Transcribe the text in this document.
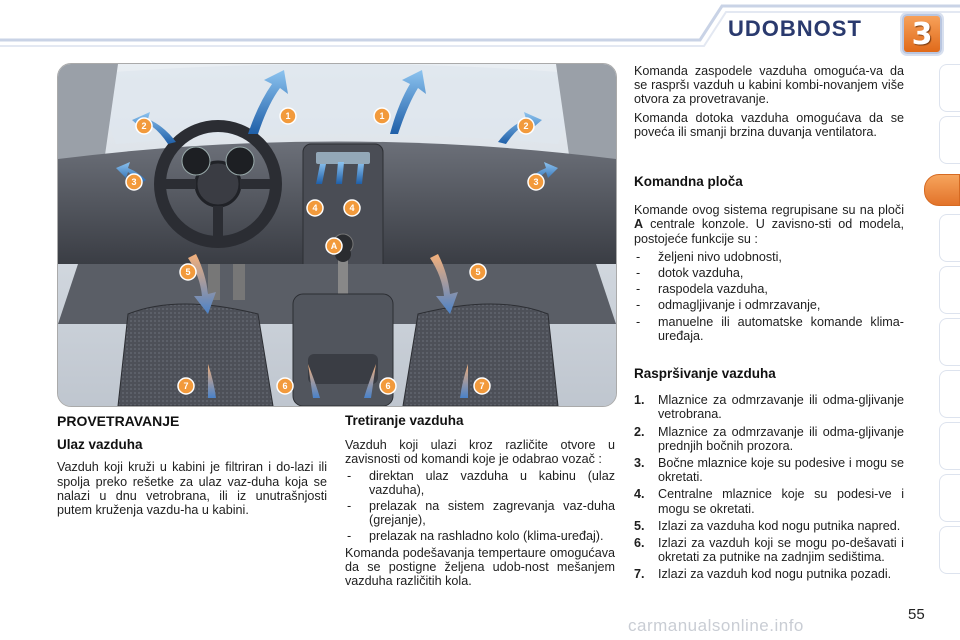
UDOBNOST	3
1	1
2	2
3	3
4	4
A
5	5
6	6
7	7
PROVETRAVANJE
Ulaz vazduha

Vazduh koji kruži u kabini je filtriran i do-lazi ili spolja preko rešetke za ulaz vaz-duha koja se nalazi u dnu vetrobrana, ili iz unutrašnjosti putem kruženja vazdu-ha u kabini.

Tretiranje vazduha

Vazduh koji ulazi kroz različite otvore u zavisnosti od komandi koje je odabrao vozač :

- direktan ulaz vazduha u kabinu (ulaz vazduha),
- prelazak na sistem zagrevanja vaz-duha (grejanje),
- prelazak na rashladno kolo (klima-uređaj).

Komanda podešavanja tempertaure omogućava da se postigne željena udob-nost mešanjem vazduha različitih kola.

Komanda zaspodele vazduha omoguća-va da se raspršı vazduh u kabini kombi-novanjem više otvora za provetravanje.

Komanda dotoka vazduha omogućava da se poveća ili smanji brzina duvanja ventilatora.

Komandna ploča

Komande ovog sistema regrupisane su na ploči A centrale konzole. U zavisno-sti od modela, postojeće funkcije su :

- željeni nivo udobnosti,
- dotok vazduha,
- raspodela vazduha,
- odmagljivanje i odmrzavanje,
- manuelne ili automatske komande klima-uređaja.
Raspršivanje vazduha
1. Mlaznice za odmrzavanje ili odma-gljivanje vetrobrana.
2. Mlaznice za odmrzavanje ili odma-gljivanje prednjih bočnih prozora.
3. Bočne mlaznice koje su podesive i mogu se okretati.
4. Centralne mlaznice koje su podesi-ve i mogu se okretati.
5. Izlazi za vazduha kod nogu putnika napred.
6. Izlazi za vazduh koji se mogu po-dešavati i okretati za putnike na zadnjim sedištima.
7. Izlazi za vazduh kod nogu putnika pozadi.
55
carmanualsonline.info
